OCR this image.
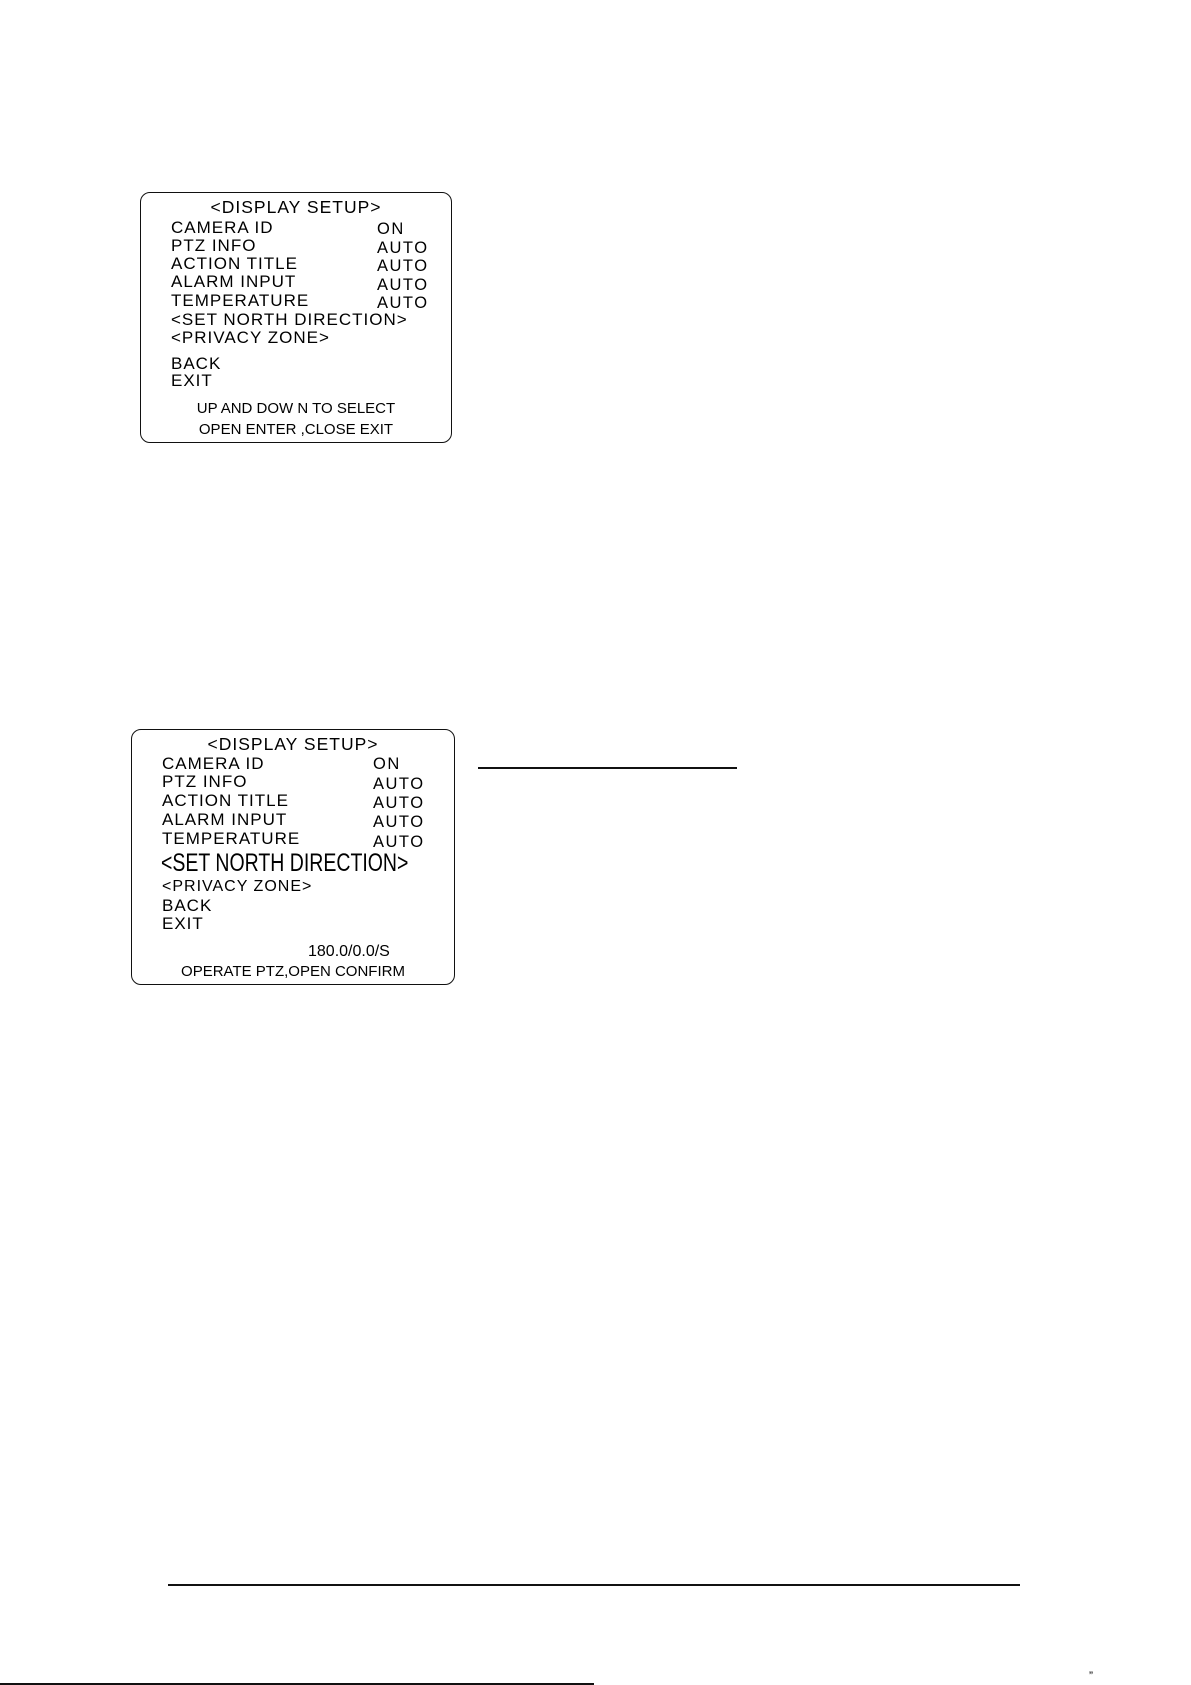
<DISPLAY SETUP>
CAMERA ID	ON
PTZ INFO	AUTO
ACTION TITLE	AUTO
ALARM INPUT	AUTO
TEMPERATURE	AUTO
<SET NORTH DIRECTION>
<PRIVACY ZONE>
BACK
EXIT
UP AND DOW N TO SELECT
OPEN ENTER ,CLOSE EXIT
<DISPLAY SETUP>
CAMERA ID	ON
PTZ INFO	AUTO
ACTION TITLE	AUTO
ALARM INPUT	AUTO
TEMPERATURE	AUTO
<SET NORTH DIRECTION>
<PRIVACY ZONE>
BACK
EXIT
180.0/0.0/S
OPERATE PTZ,OPEN CONFIRM
”
